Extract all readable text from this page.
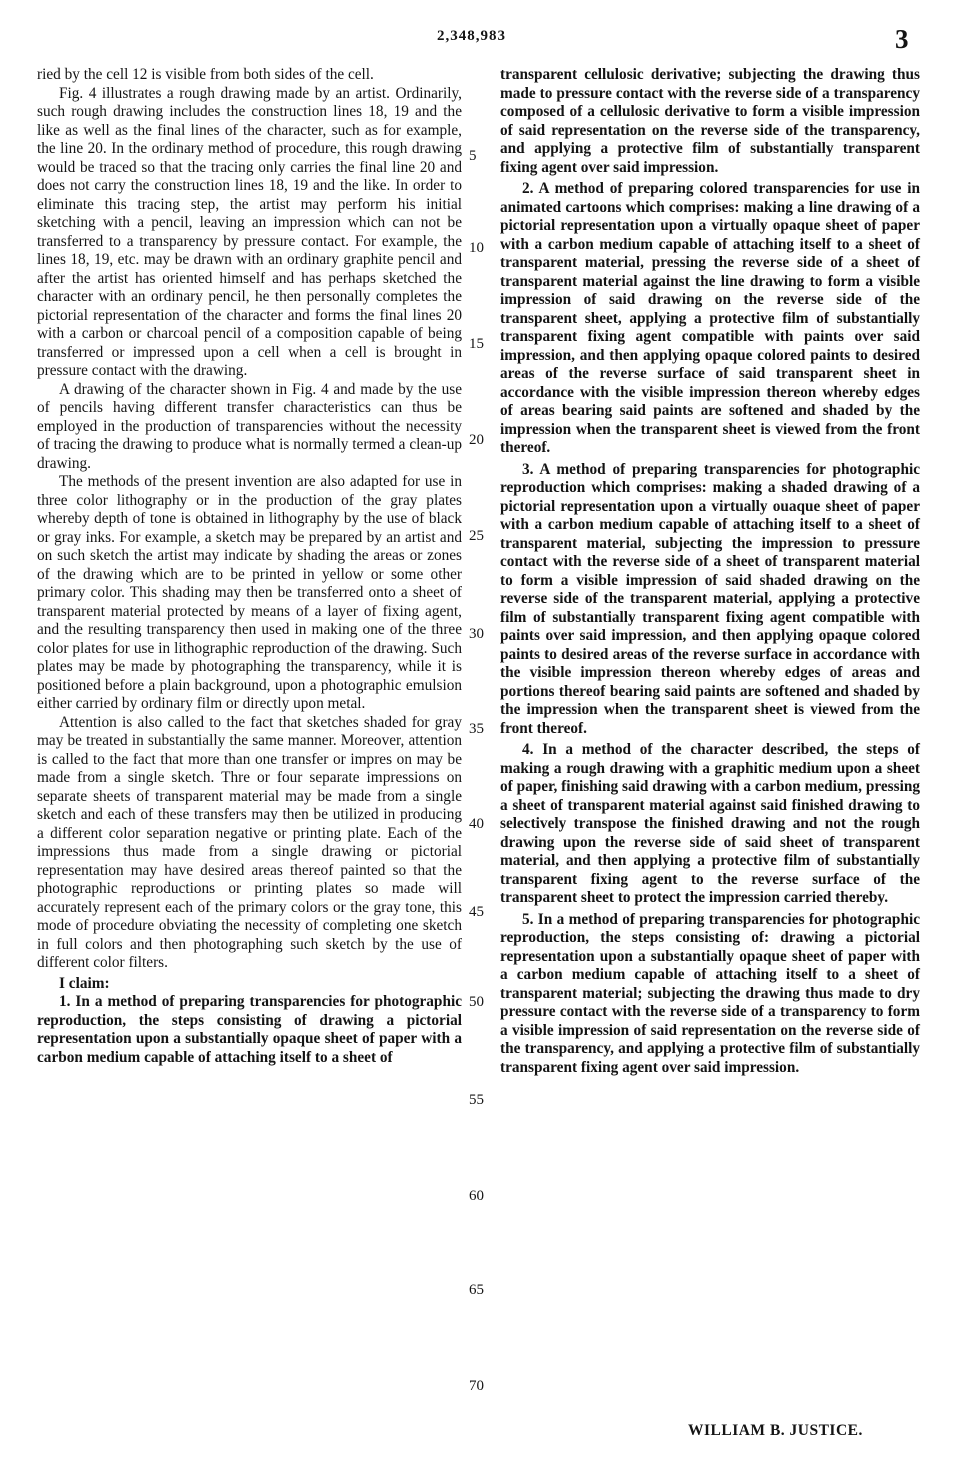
2,348,983	3

ried by the cell 12 is visible from both sides of the cell.

Fig. 4 illustrates a rough drawing made by an artist. Ordinarily, such rough drawing includes the construction lines 18, 19 and the like as well as the final lines of the character, such as for example, the line 20. In the ordinary method of procedure, this rough drawing would be traced so that the tracing only carries the final line 20 and does not carry the construction lines 18, 19 and the like. In order to eliminate this tracing step, the artist may perform his initial sketching with a pencil, leaving an impression which can not be transferred to a transparency by pressure contact. For example, the lines 18, 19, etc. may be drawn with an ordinary graphite pencil and after the artist has oriented himself and has perhaps sketched the character with an ordinary pencil, he then personally completes the pictorial representation of the character and forms the final lines 20 with a carbon or charcoal pencil of a composition capable of being transferred or impressed upon a cell when a cell is brought in pressure contact with the drawing.

A drawing of the character shown in Fig. 4 and made by the use of pencils having different transfer characteristics can thus be employed in the production of transparencies without the necessity of tracing the drawing to produce what is normally termed a clean-up drawing.

The methods of the present invention are also adapted for use in three color lithography or in the production of the gray plates whereby depth of tone is obtained in lithography by the use of black or gray inks. For example, a sketch may be prepared by an artist and on such sketch the artist may indicate by shading the areas or zones of the drawing which are to be printed in yellow or some other primary color. This shading may then be transferred onto a sheet of transparent material protected by means of a layer of fixing agent, and the resulting transparency then used in making one of the three color plates for use in lithographic reproduction of the drawing. Such plates may be made by photographing the transparency, while it is positioned before a plain background, upon a photographic emulsion either carried by ordinary film or directly upon metal.

Attention is also called to the fact that sketches shaded for gray may be treated in substantially the same manner. Moreover, attention is called to the fact that more than one transfer or impres on may be made from a single sketch. Thre or four separate impressions on separate sheets of transparent material may be made from a single sketch and each of these transfers may then be utilized in producing a different color separation negative or printing plate. Each of the impressions thus made from a single drawing or pictorial representation may have desired areas thereof painted so that the photographic reproductions or printing plates so made will accurately represent each of the primary colors or the gray tone, this mode of procedure obviating the necessity of completing one sketch in full colors and then photographing such sketch by the use of different color filters.

I claim:

1. In a method of preparing transparencies for photographic reproduction, the steps consisting of drawing a pictorial representation upon a substantially opaque sheet of paper with a carbon medium capable of attaching itself to a sheet of

5
10
15
20
25
30
35
40
45
50
55
60
65
70

transparent cellulosic derivative; subjecting the drawing thus made to pressure contact with the reverse side of a transparency composed of a cellulosic derivative to form a visible impression of said representation on the reverse side of the transparency, and applying a protective film of substantially transparent fixing agent over said impression.

2. A method of preparing colored transparencies for use in animated cartoons which comprises: making a line drawing of a pictorial representation upon a virtually opaque sheet of paper with a carbon medium capable of attaching itself to a sheet of transparent material, pressing the reverse side of a sheet of transparent material against the line drawing to form a visible impression of said drawing on the reverse side of the transparent sheet, applying a protective film of substantially transparent fixing agent compatible with paints over said impression, and then applying opaque colored paints to desired areas of the reverse surface of said transparent sheet in accordance with the visible impression thereon whereby edges of areas bearing said paints are softened and shaded by the impression when the transparent sheet is viewed from the front thereof.

3. A method of preparing transparencies for photographic reproduction which comprises: making a shaded drawing of a pictorial representation upon a virtually ouaque sheet of paper with a carbon medium capable of attaching itself to a sheet of transparent material, subjecting the impression to pressure contact with the reverse side of a sheet of transparent material to form a visible impression of said shaded drawing on the reverse side of the transparent material, applying a protective film of substantially transparent fixing agent compatible with paints over said impression, and then applying opaque colored paints to desired areas of the reverse surface in accordance with the visible impression thereon whereby edges of areas and portions thereof bearing said paints are softened and shaded by the impression when the transparent sheet is viewed from the front thereof.

4. In a method of the character described, the steps of making a rough drawing with a graphitic medium upon a sheet of paper, finishing said drawing with a carbon medium, pressing a sheet of transparent material against said finished drawing to selectively transpose the finished drawing and not the rough drawing upon the reverse side of said sheet of transparent material, and then applying a protective film of substantially transparent fixing agent to the reverse surface of the transparent sheet to protect the impression carried thereby.

5. In a method of preparing transparencies for photographic reproduction, the steps consisting of: drawing a pictorial representation upon a substantially opaque sheet of paper with a carbon medium capable of attaching itself to a sheet of transparent material; subjecting the drawing thus made to dry pressure contact with the reverse side of a transparency to form a visible impression of said representation on the reverse side of the transparency, and applying a protective film of substantially transparent fixing agent over said impression.

WILLIAM B. JUSTICE.
